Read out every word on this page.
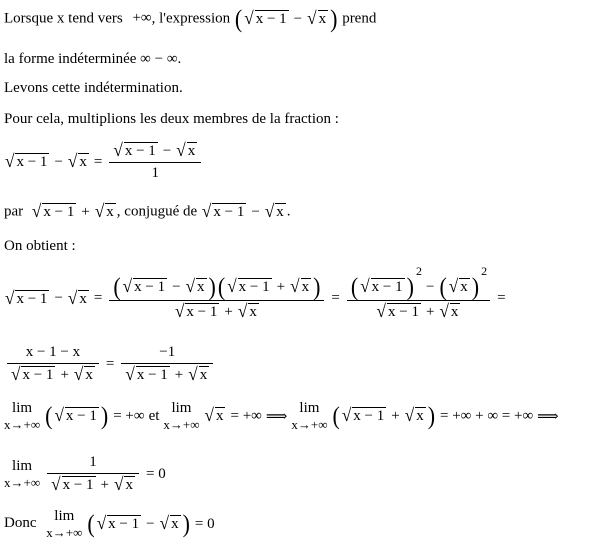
Lorsque x tend vers +∞, l'expression ( √ x − 1 − √ x ) prend
la forme indéterminée ∞ − ∞.
Levons cette indétermination.
Pour cela, multiplions les deux membres de la fraction :
√ x − 1 − √ $x = \frac{√ x - 1 - √ x}{1}$
par √ x − 1 + √ x , conjugué de √ x − 1 − √ x .
On obtient :
√ x − 1 − √ x = ( √ x − 1 − √ x ) ( √ x − 1 + √ x )
√ x − 1 + √ x
= ( √ x − 1 )
2
− ( √ x )
2
√ x − 1 + √ x
=
$\frac{x - 1 - x}{√ x - 1 + √ x} = \frac{-1}{√ x - 1 + √ x}$
lim
x→+∞ ( √ x − 1 ) = +∞ et lim
x→+∞ √ x = +∞ ⟹
lim
x→+∞ ( √ x − 1 + √ x ) = +∞ + ∞ = +∞ ⟹
lim
$x\to+\infty \frac{1}{√ x - 1 + √ x} = 0$
Donc lim
x→+∞ ( √ x − 1 − √ x ) = 0
